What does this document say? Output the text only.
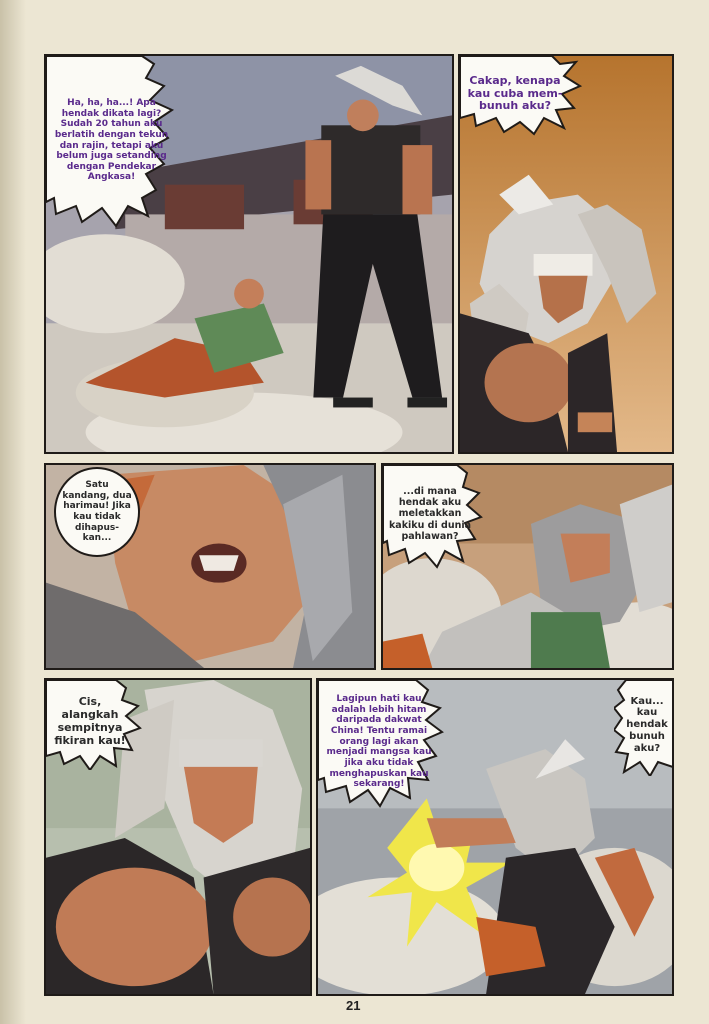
Ha, ha, ha...! Apa hendak dikata lagi? Sudah 20 tahun aku berlatih dengan tekun dan rajin, tetapi aku belum juga setanding dengan Pendekar Angkasa!
Cakap, kenapa kau cuba mem-bunuh aku?
Satu kandang, dua harimau! Jika kau tidak dihapus-kan...
...di mana hendak aku meletakkan kakiku di dunia pahlawan?
Cis, alangkah sempitnya fikiran kau!
Lagipun hati kau adalah lebih hitam daripada dakwat China! Tentu ramai orang lagi akan menjadi mangsa kau jika aku tidak menghapuskan kau sekarang!
Kau... kau hendak bunuh aku?
21
